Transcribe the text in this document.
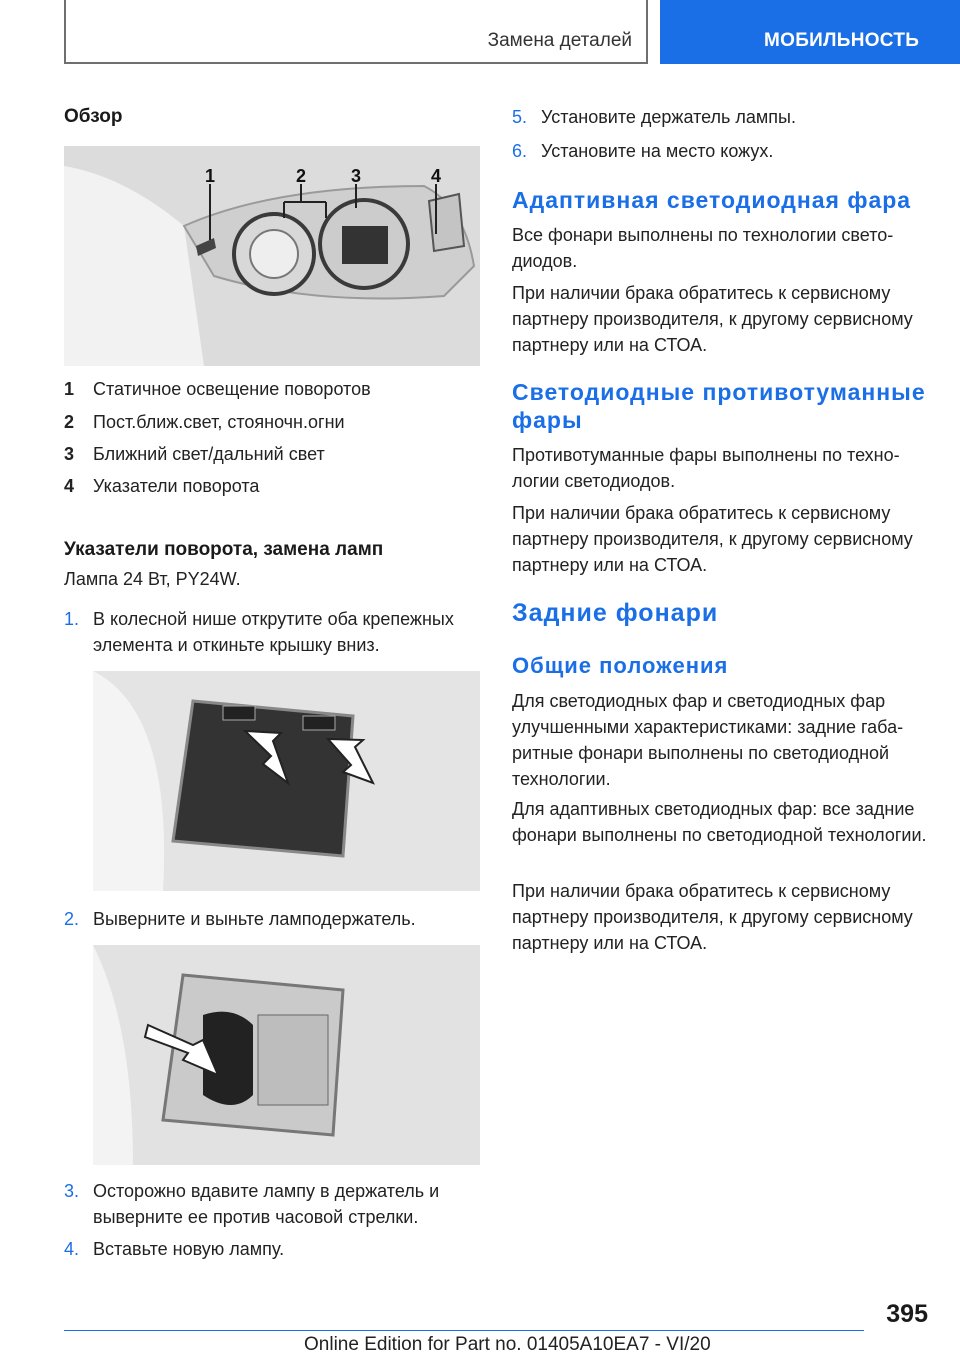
Замена деталей	МОБИЛЬНОСТЬ
Обзор
1	2 3	4
1	Статичное освещение поворотов
2	Пост.ближ.свет, стояночн.огни
3	Ближний свет/дальний свет
4	Указатели поворота
Указатели поворота, замена ламп

Лампа 24 Вт, PY24W.

1. В колесной нише открутите оба крепежных элемента и откиньте крышку вниз.
2. Выверните и выньте ламподержатель.
3. Осторожно вдавите лампу в держатель и выверните ее против часовой стрелки.
4. Вставьте новую лампу.
5. Установите держатель лампы.
6. Установите на место кожух.
Адаптивная светодиодная фара

Все фонари выполнены по технологии светодиодов.

При наличии брака обратитесь к сервисному партнеру производителя, к другому сервисному партнеру или на СТОА.

Светодиодные противотуманные фары

Противотуманные фары выполнены по технологии светодиодов.

При наличии брака обратитесь к сервисному партнеру производителя, к другому сервисному партнеру или на СТОА.

Задние фонари
Общие положения

Для светодиодных фар и светодиодных фар улучшенными характеристиками: задние габаритные фонари выполнены по светодиодной технологии.

Для адаптивных светодиодных фар: все задние фонари выполнены по светодиодной технологии.

При наличии брака обратитесь к сервисному партнеру производителя, к другому сервисному партнеру или на СТОА.

395
Online Edition for Part no. 01405A10EA7 - VI/20
